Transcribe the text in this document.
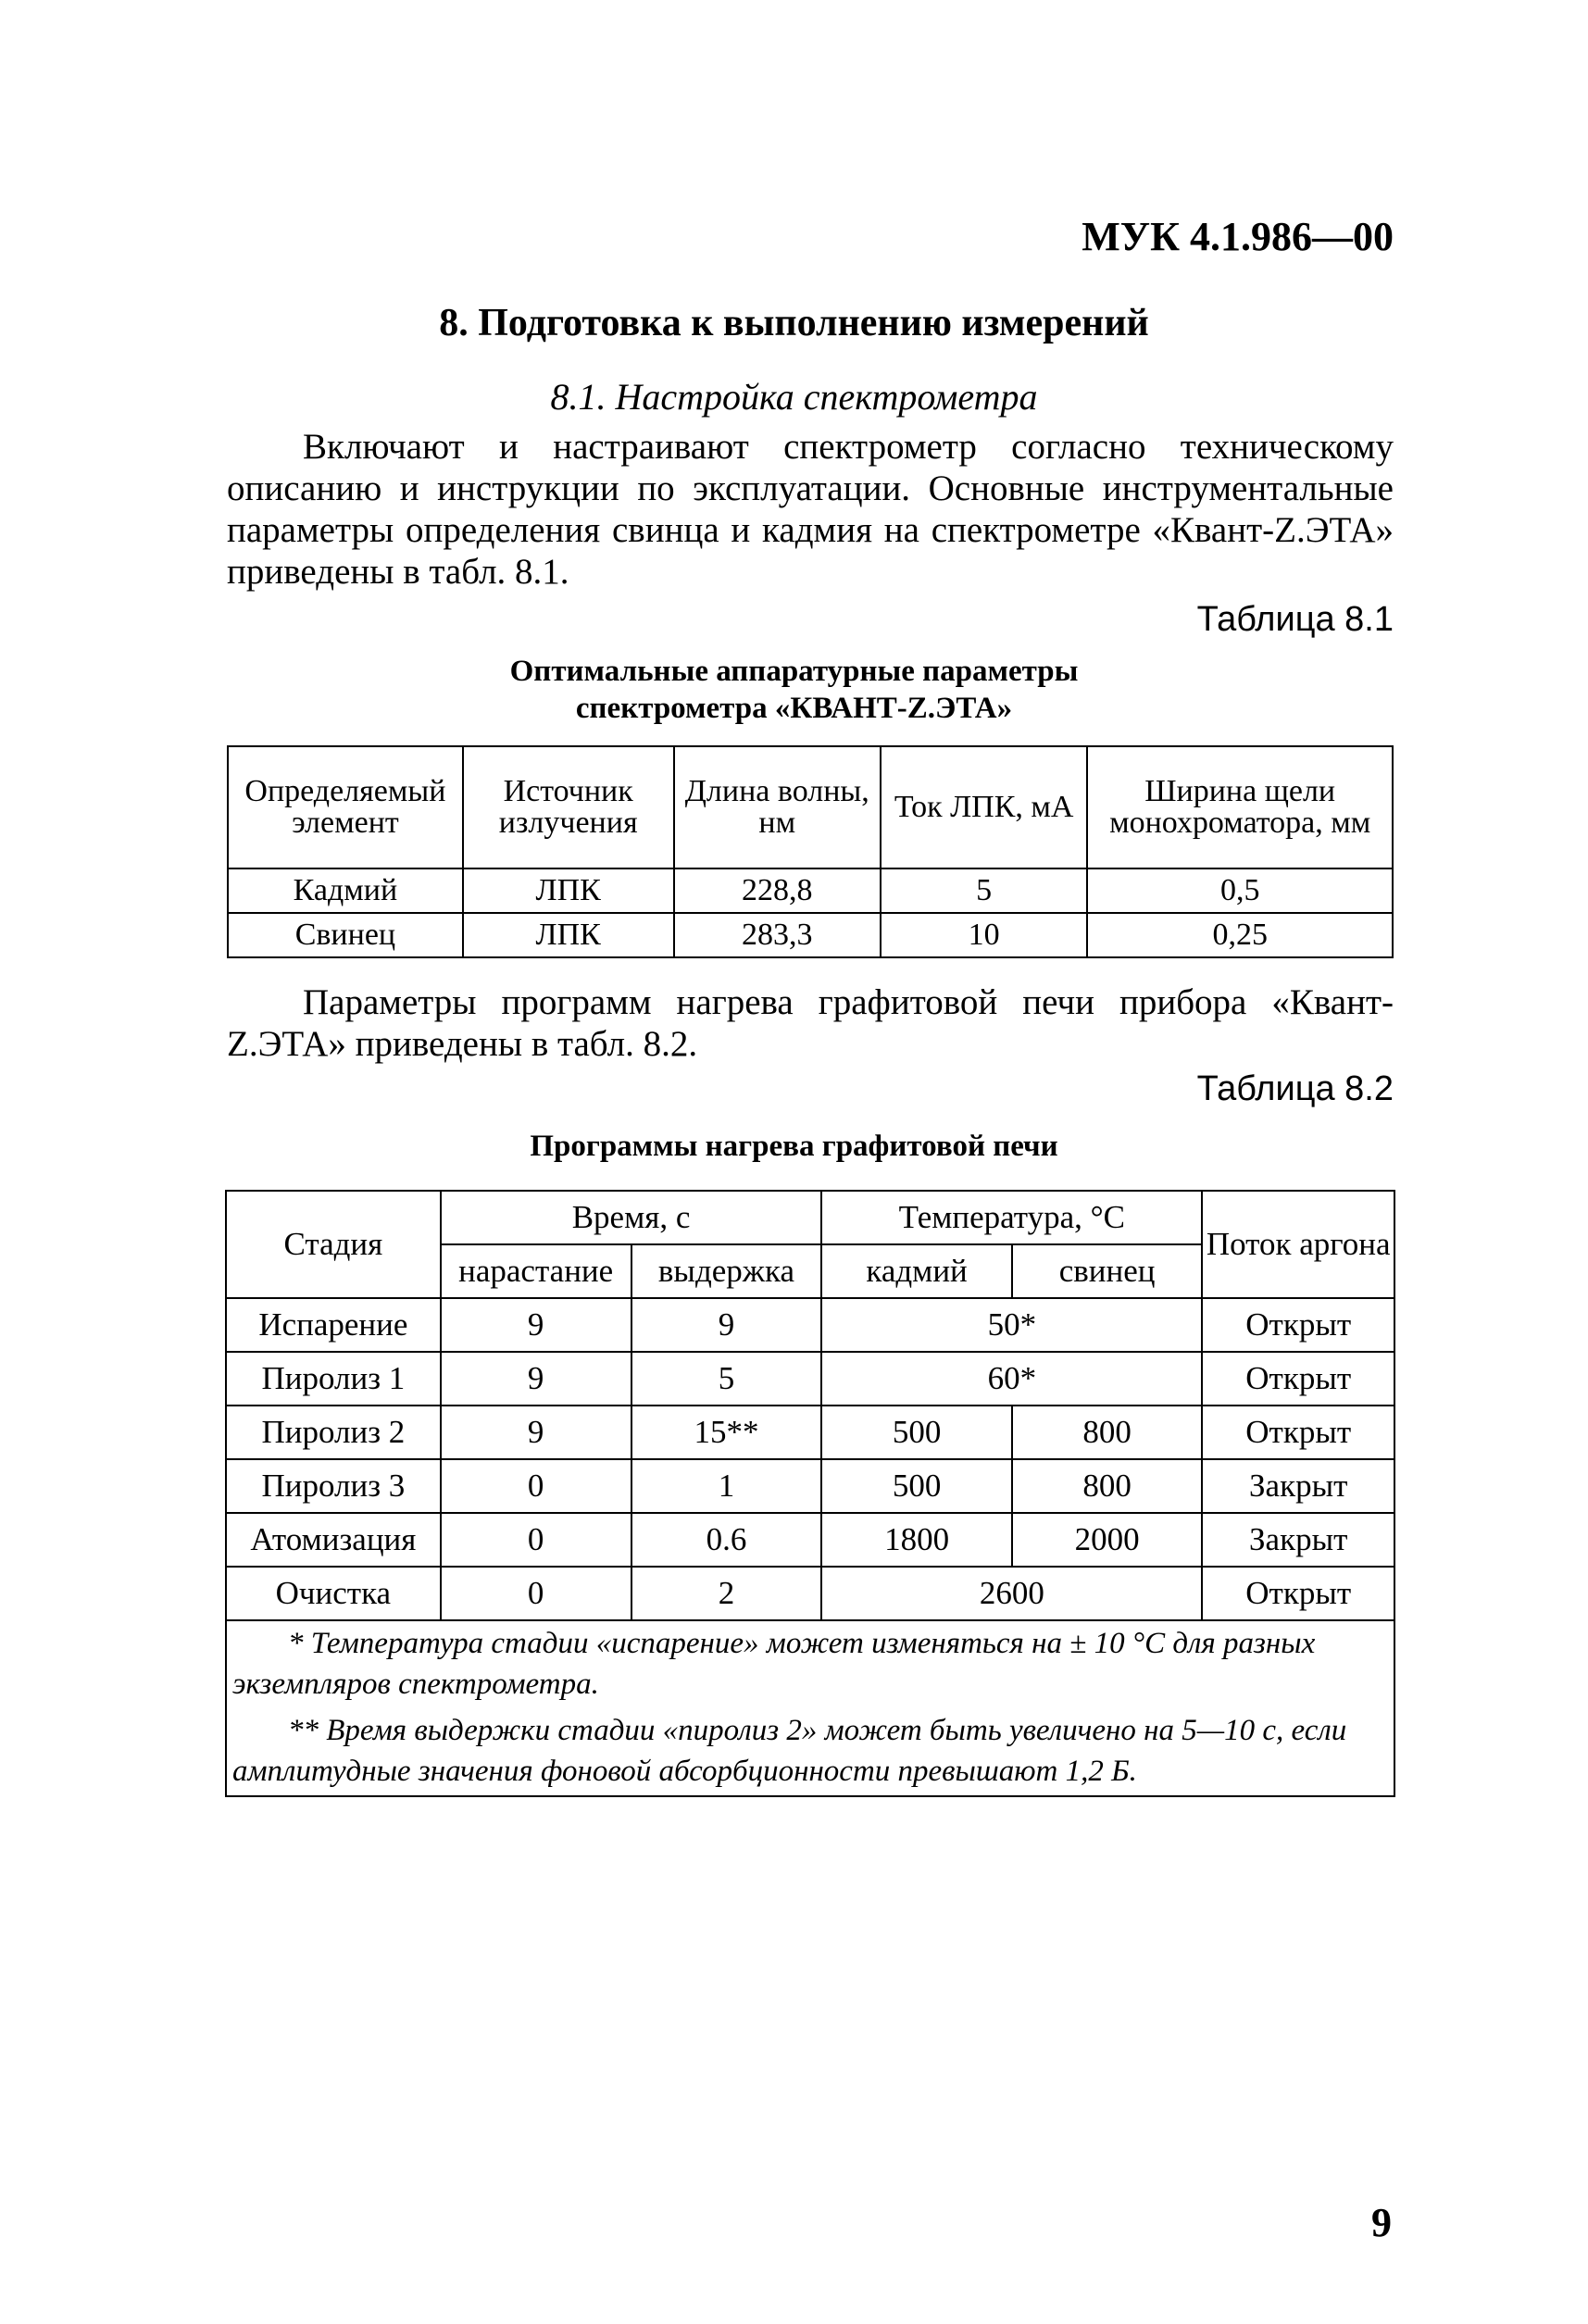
МУК 4.1.986—00
8. Подготовка к выполнению измерений
8.1. Настройка спектрометра

Включают и настраивают спектрометр согласно техническому описанию и инструкции по эксплуатации. Основные инструментальные параметры определения свинца и кадмия на спектрометре «Квант-Z.ЭТА» приведены в табл. 8.1.

Таблица 8.1
Оптимальные аппаратурные параметры
спектрометра «КВАНТ-Z.ЭТА»
Определяемый элемент	Источник излучения	Длина волны, нм	Ток ЛПК, мА	Ширина щели монохроматора, мм
Кадмий	ЛПК	228,8	5	0,5
Свинец	ЛПК	283,3	10	0,25

Параметры программ нагрева графитовой печи прибора «Квант-Z.ЭТА» приведены в табл. 8.2.

Таблица 8.2
Программы нагрева графитовой печи
Стадия	Время, с		Температура, °С		Поток аргона
	нарастание	выдержка	кадмий	свинец	
Испарение	9	9	50*		Открыт
Пиролиз 1	9	5	60*		Открыт
Пиролиз 2	9	15**	500	800	Открыт
Пиролиз 3	0	1	500	800	Закрыт
Атомизация	0	0.6	1800	2000	Закрыт
Очистка	0	2	2600		Открыт

* Температура стадии «испарение» может изменяться на ± 10 °С для разных экземпляров спектрометра.
** Время выдержки стадии «пиролиз 2» может быть увеличено на 5—10 с, если амплитудные значения фоновой абсорбционности превышают 1,2 Б.					
9
